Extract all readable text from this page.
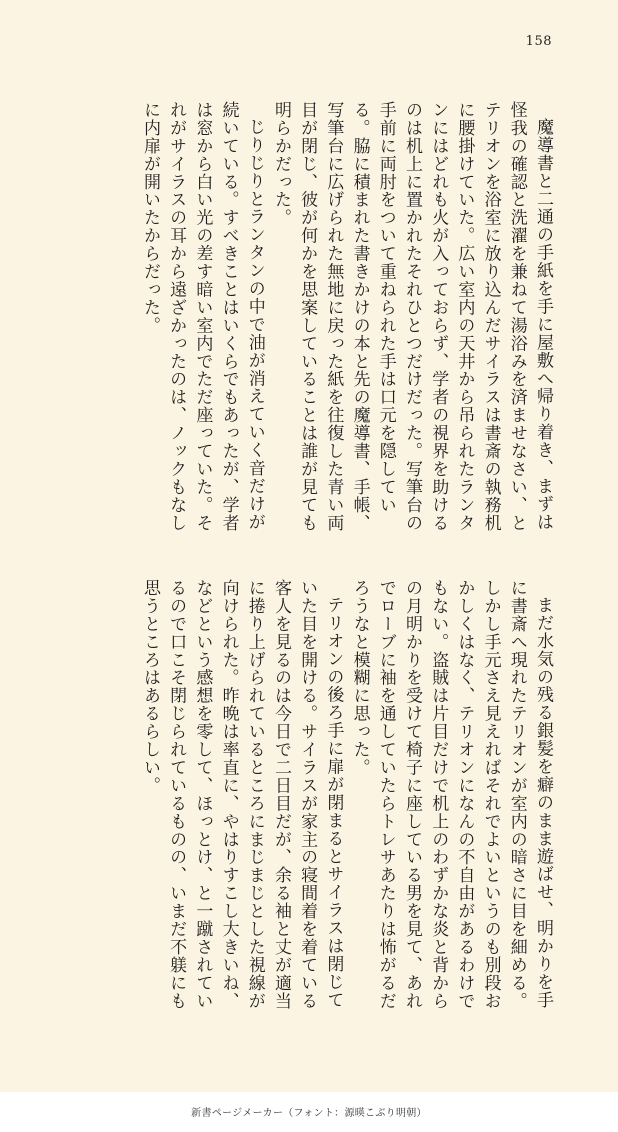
158
魔導書と二通の手紙を手に屋敷へ帰り着き、まずは怪我の確認と洗濯を兼ねて湯浴みを済ませなさい、とテリオンを浴室に放り込んだサイラスは書斎の執務机に腰掛けていた。広い室内の天井から吊られたランタンにはどれも火が入っておらず、学者の視界を助けるのは机上に置かれたそれひとつだけだった。写筆台の手前に両肘をついて重ねられた手は口元を隠している。脇に積まれた書きかけの本と先の魔導書、手帳、写筆台に広げられた無地に戻った紙を往復した青い両目が閉じ、彼が何かを思案していることは誰が見ても明らかだった。
じりじりとランタンの中で油が消えていく音だけが続いている。すべきことはいくらでもあったが、学者は窓から白い光の差す暗い室内でただ座っていた。それがサイラスの耳から遠ざかったのは、ノックもなしに内扉が開いたからだった。
まだ水気の残る銀髪を癖のまま遊ばせ、明かりを手に書斎へ現れたテリオンが室内の暗さに目を細める。しかし手元さえ見えればそれでよいというのも別段おかしくはなく、テリオンになんの不自由があるわけでもない。盗賊は片目だけで机上のわずかな炎と背からの月明かりを受けて椅子に座している男を見て、あれでローブに袖を通していたらトレサあたりは怖がるだろうなと模糊に思った。
テリオンの後ろ手に扉が閉まるとサイラスは閉じていた目を開ける。サイラスが家主の寝間着を着ている客人を見るのは今日で二日目だが、余る袖と丈が適当に捲り上げられているところにまじまじとした視線が向けられた。昨晩は率直に、やはりすこし大きいね、などという感想を零して、ほっとけ、と一蹴されているので口こそ閉じられているものの、いまだ不躾にも思うところはあるらしい。
新書ページメーカー（フォント：源暎こぶり明朝）
